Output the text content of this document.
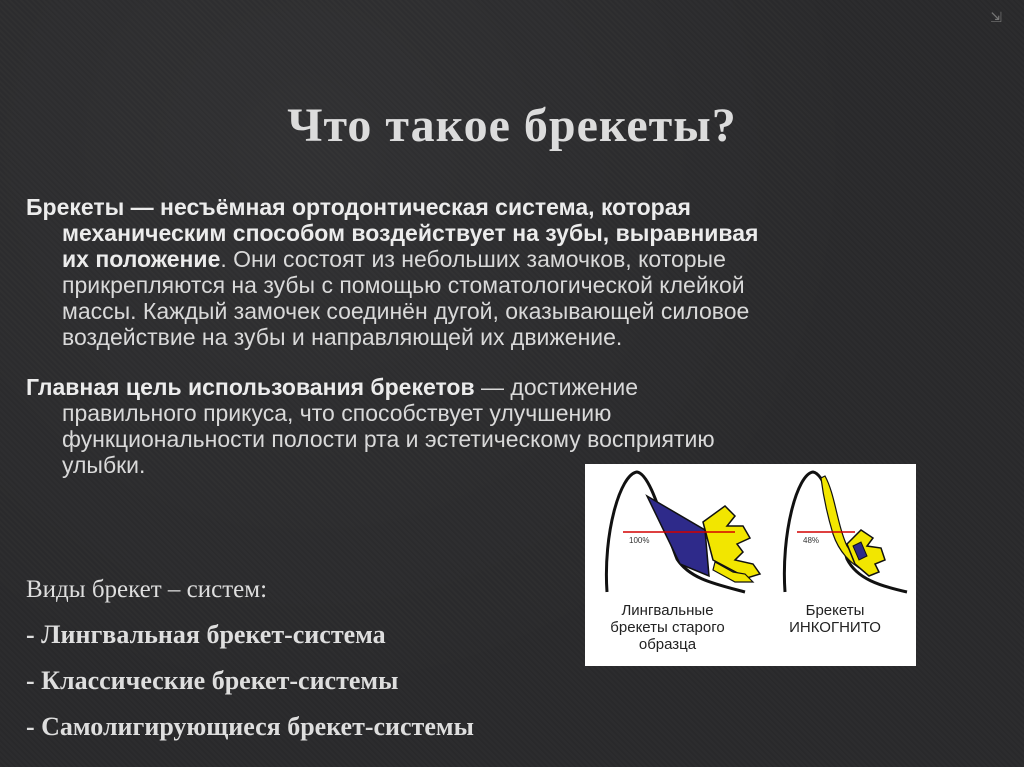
⇲
Что такое брекеты?
Брекеты — несъёмная ортодонтическая система, которая
механическим способом воздействует на зубы, выравнивая
их положение. Они состоят из небольших замочков, которые
прикрепляются на зубы с помощью стоматологической клейкой
массы. Каждый замочек соединён дугой, оказывающей силовое
воздействие на зубы и направляющей их движение.
Главная цель использования брекетов — достижение
правильного прикуса, что способствует улучшению
функциональности полости рта и эстетическому восприятию
улыбки.
Виды брекет – систем:
- Лингвальная брекет-система
- Классические брекет-системы
- Самолигирующиеся брекет-системы
100%	48%
Лингвальные
брекеты старого
образца
Брекеты
ИНКОГНИТО
